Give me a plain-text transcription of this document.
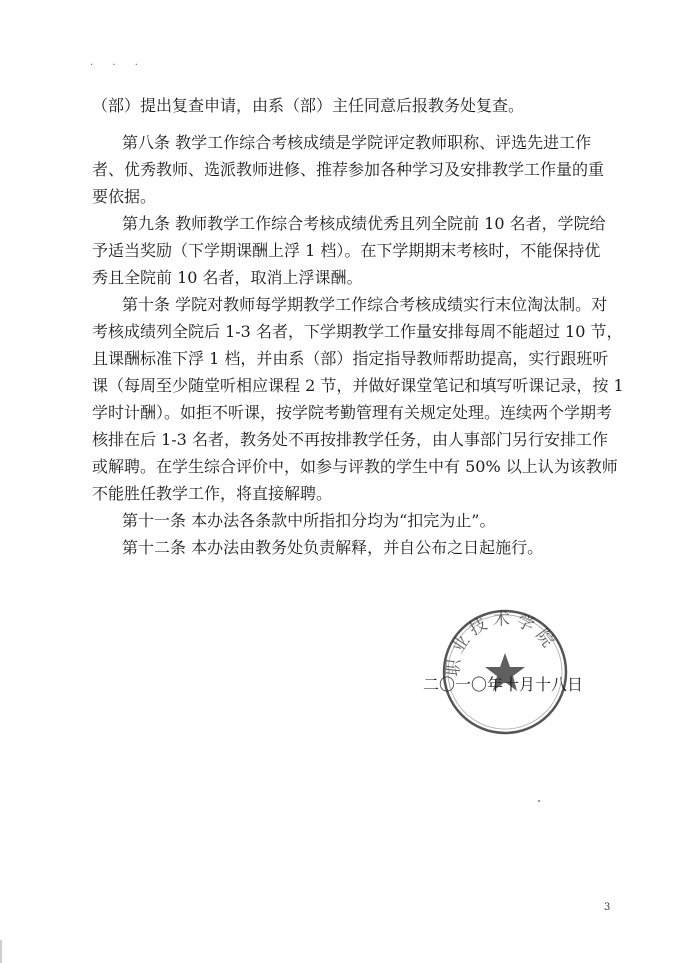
· · ·
（部）提出复查申请，由系（部）主任同意后报教务处复查。
第八条 教学工作综合考核成绩是学院评定教师职称、评选先进工作
者、优秀教师、选派教师进修、推荐参加各种学习及安排教学工作量的重
要依据。
第九条 教师教学工作综合考核成绩优秀且列全院前 10 名者，学院给
予适当奖励（下学期课酬上浮 1 档）。在下学期期末考核时，不能保持优
秀且全院前 10 名者，取消上浮课酬。
第十条 学院对教师每学期教学工作综合考核成绩实行末位淘汰制。对
考核成绩列全院后 1-3 名者，下学期教学工作量安排每周不能超过 10 节，
且课酬标准下浮 1 档，并由系（部）指定指导教师帮助提高，实行跟班听
课（每周至少随堂听相应课程 2 节，并做好课堂笔记和填写听课记录，按 1
学时计酬）。如拒不听课，按学院考勤管理有关规定处理。连续两个学期考
核排在后 1-3 名者，教务处不再按排教学任务，由人事部门另行安排工作
或解聘。在学生综合评价中，如参与评教的学生中有 50% 以上认为该教师
不能胜任教学工作，将直接解聘。
第十一条 本办法各条款中所指扣分均为“扣完为止”。
第十二条 本办法由教务处负责解释，并自公布之日起施行。
职业技术学院
二〇一〇年十月十八日
3
